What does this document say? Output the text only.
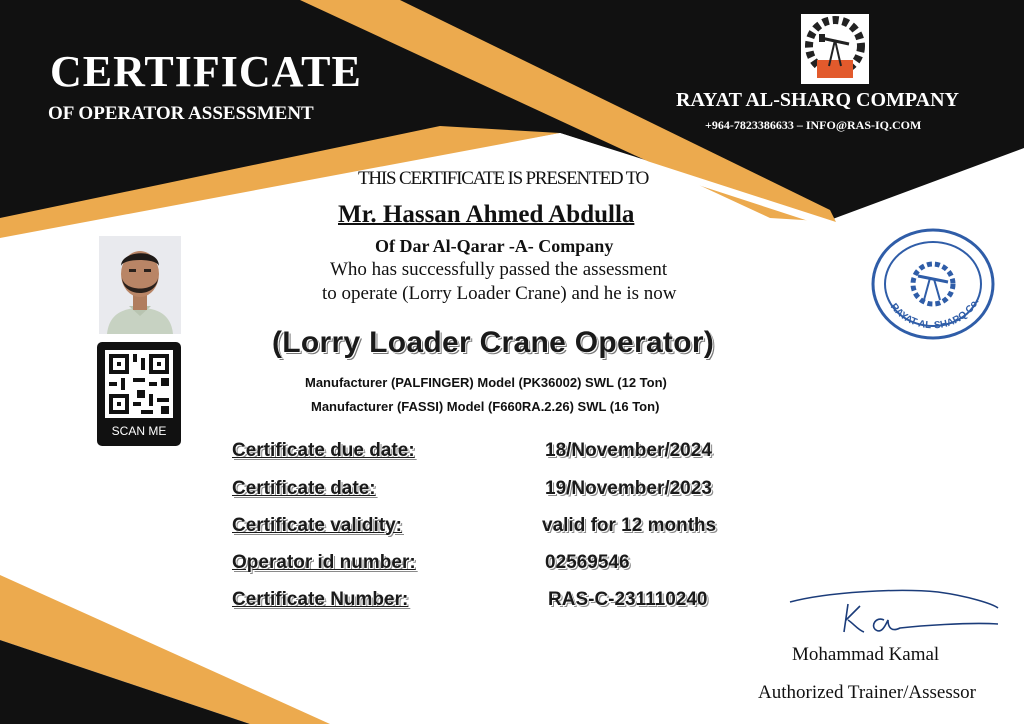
CERTIFICATE
OF OPERATOR ASSESSMENT
RAYAT AL-SHARQ COMPANY
+964-7823386633 – INFO@RAS-IQ.COM
THIS CERTIFICATE IS PRESENTED TO
Mr. Hassan Ahmed Abdulla
Of Dar Al-Qarar -A- Company
Who has successfully passed the assessment
to operate (Lorry Loader Crane) and he is now
(Lorry Loader Crane Operator)
Manufacturer (PALFINGER) Model (PK36002) SWL (12 Ton)
Manufacturer (FASSI) Model (F660RA.2.26) SWL (16 Ton)
Certificate due date:	18/November/2024
Certificate date:	19/November/2023
Certificate validity:	valid for 12 months
Operator id number:	02569546
Certificate Number:	RAS-C-231110240
SCAN ME
RAYAT AL-SHARQ Co.
Mohammad Kamal
Authorized Trainer/Assessor
